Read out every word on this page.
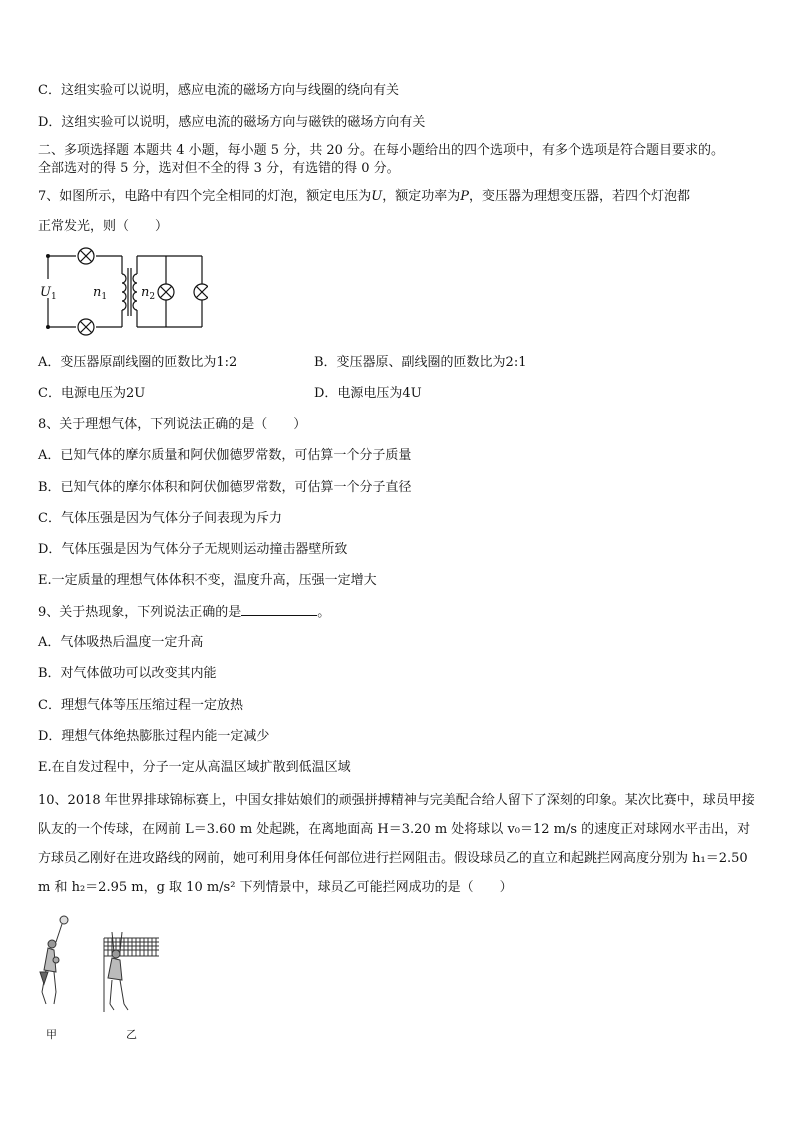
C．这组实验可以说明，感应电流的磁场方向与线圈的绕向有关
D．这组实验可以说明，感应电流的磁场方向与磁铁的磁场方向有关
二、多项选择题 本题共 4 小题，每小题 5 分，共 20 分。在每小题给出的四个选项中，有多个选项是符合题目要求的。
全部选对的得 5 分，选对但不全的得 3 分，有选错的得 0 分。
7、如图所示，电路中有四个完全相同的灯泡，额定电压为U，额定功率为P，变压器为理想变压器，若四个灯泡都
正常发光，则（　　）
$U_1$	$n_1$	$n_2$
A．变压器原副线圈的匝数比为1:2	B．变压器原、副线圈的匝数比为2:1
C．电源电压为2U	D．电源电压为4U
8、关于理想气体，下列说法正确的是（　　）
A．已知气体的摩尔质量和阿伏伽德罗常数，可估算一个分子质量
B．已知气体的摩尔体积和阿伏伽德罗常数，可估算一个分子直径
C．气体压强是因为气体分子间表现为斥力
D．气体压强是因为气体分子无规则运动撞击器壁所致
E.一定质量的理想气体体积不变，温度升高，压强一定增大
9、关于热现象，下列说法正确的是	。
A．气体吸热后温度一定升高
B．对气体做功可以改变其内能
C．理想气体等压压缩过程一定放热
D．理想气体绝热膨胀过程内能一定减少
E.在自发过程中，分子一定从高温区域扩散到低温区域
10、2018 年世界排球锦标赛上，中国女排姑娘们的顽强拼搏精神与完美配合给人留下了深刻的印象。某次比赛中，球员甲接队友的一个传球，在网前 L＝3.60 m 处起跳，在离地面高 H＝3.20 m 处将球以 v₀＝12 m/s 的速度正对球网水平击出，对方球员乙刚好在进攻路线的网前，她可利用身体任何部位进行拦网阻击。假设球员乙的直立和起跳拦网高度分别为 h₁＝2.50 m 和 h₂＝2.95 m，g 取 10 m/s² 下列情景中，球员乙可能拦网成功的是（　　）
甲	乙
